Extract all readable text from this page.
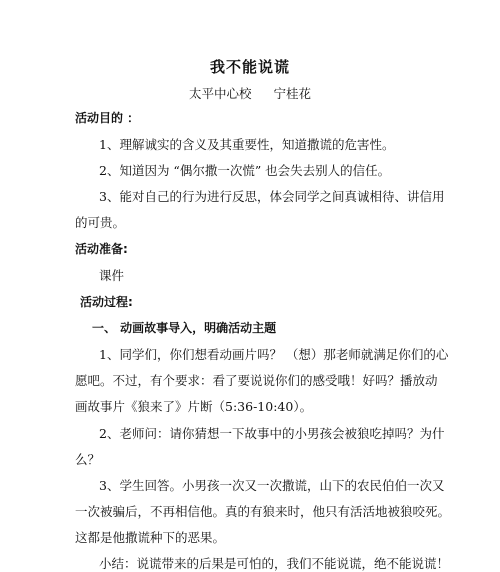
我不能说谎
太平中心校 宁桂花
活动目的 ：
1、理解诚实的含义及其重要性，知道撒谎的危害性。
2、知道因为 “偶尔撒一次慌” 也会失去别人的信任。
3、能对自己的行为进行反思，体会同学之间真诚相待、讲信用
的可贵。
活动准备:
课件
活动过程:
一、 动画故事导入，明确活动主题
1、同学们，你们想看动画片吗？ （想）那老师就满足你们的心
愿吧。不过，有个要求：看了要说说你们的感受哦！好吗？播放动
画故事片《狼来了》片断（5:36-10:40）。
2、老师问：请你猜想一下故事中的小男孩会被狼吃掉吗？为什
么？
3、学生回答。小男孩一次又一次撒谎，山下的农民伯伯一次又
一次被骗后，不再相信他。真的有狼来时，他只有活活地被狼咬死。
这都是他撒谎种下的恶果。
小结：说谎带来的后果是可怕的，我们不能说谎，绝不能说谎！
